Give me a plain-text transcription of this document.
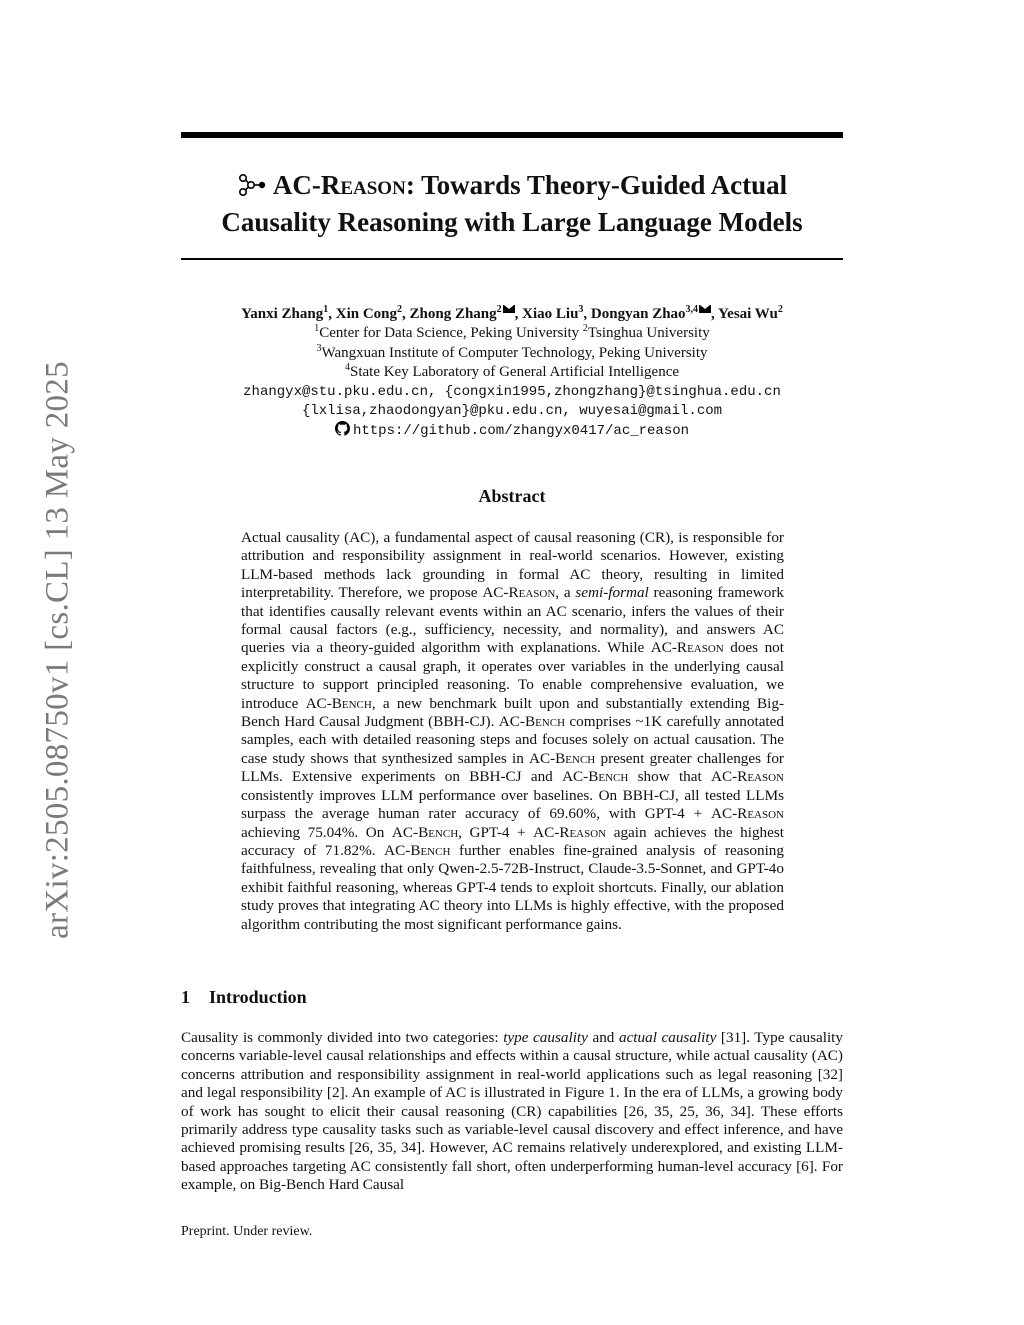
arXiv:2505.08750v1 [cs.CL] 13 May 2025
AC-Reason: Towards Theory-Guided Actual
Causality Reasoning with Large Language Models
Yanxi Zhang$^1$, Xin Cong$^2$, Zhong Zhang$^2$ , Xiao Liu$^3$, Dongyan Zhao$^{3,4}$ , Yesai Wu$^2$
$^1$Center for Data Science, Peking University $^2$Tsinghua University
$^3$Wangxuan Institute of Computer Technology, Peking University
$^4$State Key Laboratory of General Artificial Intelligence
zhangyx@stu.pku.edu.cn, {congxin1995,zhongzhang}@tsinghua.edu.cn
{lxlisa,zhaodongyan}@pku.edu.cn, wuyesai@gmail.com
https://github.com/zhangyx0417/ac_reason
Abstract
Actual causality (AC), a fundamental aspect of causal reasoning (CR), is responsible for attribution and responsibility assignment in real-world scenarios. However, existing LLM-based methods lack grounding in formal AC theory, resulting in limited interpretability. Therefore, we propose AC-Reason, a semi-formal reasoning framework that identifies causally relevant events within an AC scenario, infers the values of their formal causal factors (e.g., sufficiency, necessity, and normality), and answers AC queries via a theory-guided algorithm with explanations. While AC-Reason does not explicitly construct a causal graph, it operates over variables in the underlying causal structure to support principled reasoning. To enable comprehensive evaluation, we introduce AC-Bench, a new benchmark built upon and substantially extending Big-Bench Hard Causal Judgment (BBH-CJ). AC-Bench comprises ~1K carefully annotated samples, each with detailed reasoning steps and focuses solely on actual causation. The case study shows that synthesized samples in AC-Bench present greater challenges for LLMs. Extensive experiments on BBH-CJ and AC-Bench show that AC-Reason consistently improves LLM performance over baselines. On BBH-CJ, all tested LLMs surpass the average human rater accuracy of 69.60%, with GPT-4 + AC-Reason achieving 75.04%. On AC-Bench, GPT-4 + AC-Reason again achieves the highest accuracy of 71.82%. AC-Bench further enables fine-grained analysis of reasoning faithfulness, revealing that only Qwen-2.5-72B-Instruct, Claude-3.5-Sonnet, and GPT-4o exhibit faithful reasoning, whereas GPT-4 tends to exploit shortcuts. Finally, our ablation study proves that integrating AC theory into LLMs is highly effective, with the proposed algorithm contributing the most significant performance gains.
1 Introduction
Causality is commonly divided into two categories: type causality and actual causality [31]. Type causality concerns variable-level causal relationships and effects within a causal structure, while actual causality (AC) concerns attribution and responsibility assignment in real-world applications such as legal reasoning [32] and legal responsibility [2]. An example of AC is illustrated in Figure 1. In the era of LLMs, a growing body of work has sought to elicit their causal reasoning (CR) capabilities [26, 35, 25, 36, 34]. These efforts primarily address type causality tasks such as variable-level causal discovery and effect inference, and have achieved promising results [26, 35, 34]. However, AC remains relatively underexplored, and existing LLM-based approaches targeting AC consistently fall short, often underperforming human-level accuracy [6]. For example, on Big-Bench Hard Causal
Preprint. Under review.
